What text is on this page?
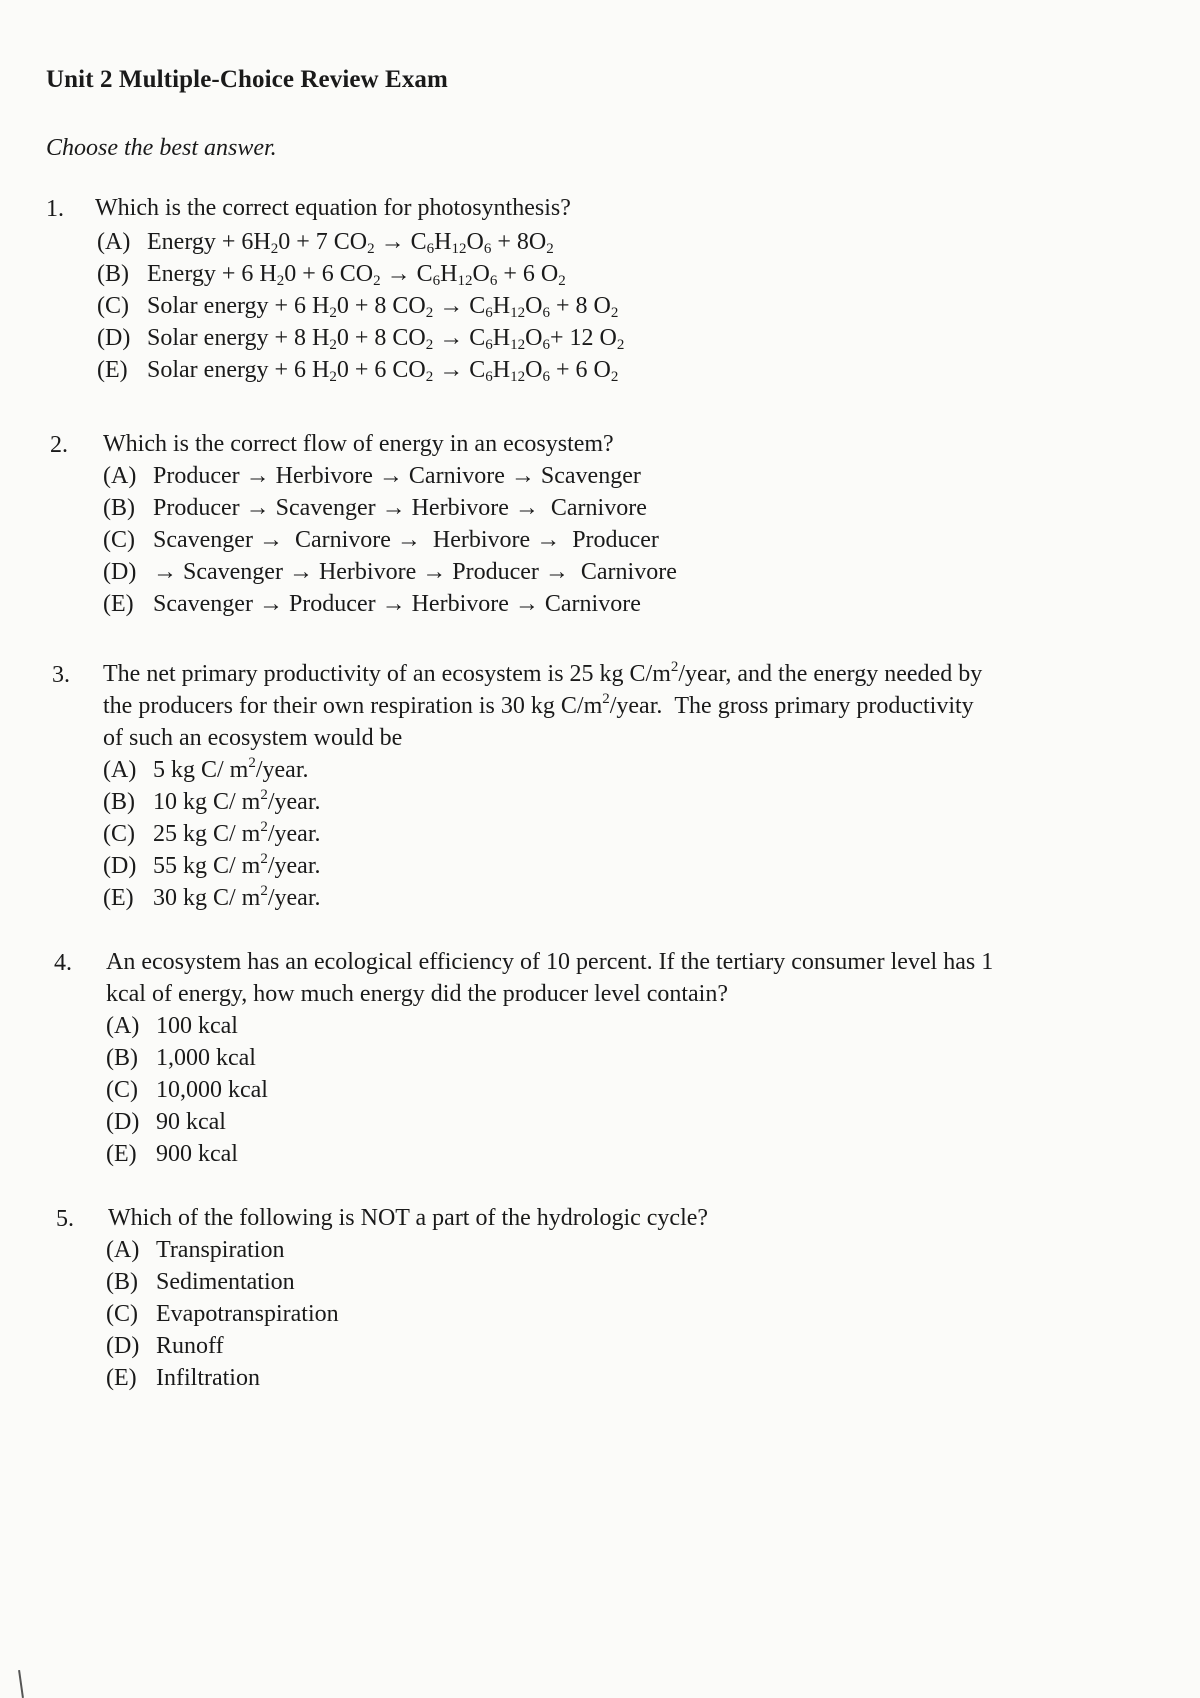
Unit 2 Multiple-Choice Review Exam
Choose the best answer.
1. Which is the correct equation for photosynthesis?
(A) Energy + $6H_20 + 7$ $CO_2 \to C_6H_{12}O_6 + 8O_2$
(B) Energy + 6 $H_20 + 6$ $CO_2 \to C_6H_{12}O_6 + 6$ $O_2$
(C) Solar energy + 6 $H_20 + 8$ $CO_2 \to C_6H_{12}O_6 + 8$ $O_2$
(D) Solar energy + 8 $H_20 + 8$ $CO_2 \to C_6H_{12}O_6+ 12$ $O_2$
(E) Solar energy + 6 $H_20 + 6$ $CO_2 \to C_6H_{12}O_6 + 6$ $O_2$
2. Which is the correct flow of energy in an ecosystem?
(A) Producer → Herbivore → Carnivore → Scavenger
(B) Producer → Scavenger → Herbivore →  Carnivore
(C) Scavenger →  Carnivore →  Herbivore →  Producer
(D) → Scavenger → Herbivore → Producer →  Carnivore
(E) Scavenger → Producer → Herbivore → Carnivore
3. The net primary productivity of an ecosystem is 25 kg $C/m^2$/year, and the energy needed by
the producers for their own respiration is 30 kg $C/m^2$/year.  The gross primary productivity
of such an ecosystem would be
(A) 5 kg C/ $m^2$/year.
(B) 10 kg C/ $m^2$/year.
(C) 25 kg C/ $m^2$/year.
(D) 55 kg C/ $m^2$/year.
(E) 30 kg C/ $m^2$/year.
4. An ecosystem has an ecological efficiency of 10 percent. If the tertiary consumer level has 1
kcal of energy, how much energy did the producer level contain?
(A) 100 kcal
(B) 1,000 kcal
(C) 10,000 kcal
(D) 90 kcal
(E) 900 kcal
5. Which of the following is NOT a part of the hydrologic cycle?
(A) Transpiration
(B) Sedimentation
(C) Evapotranspiration
(D) Runoff
(E) Infiltration
